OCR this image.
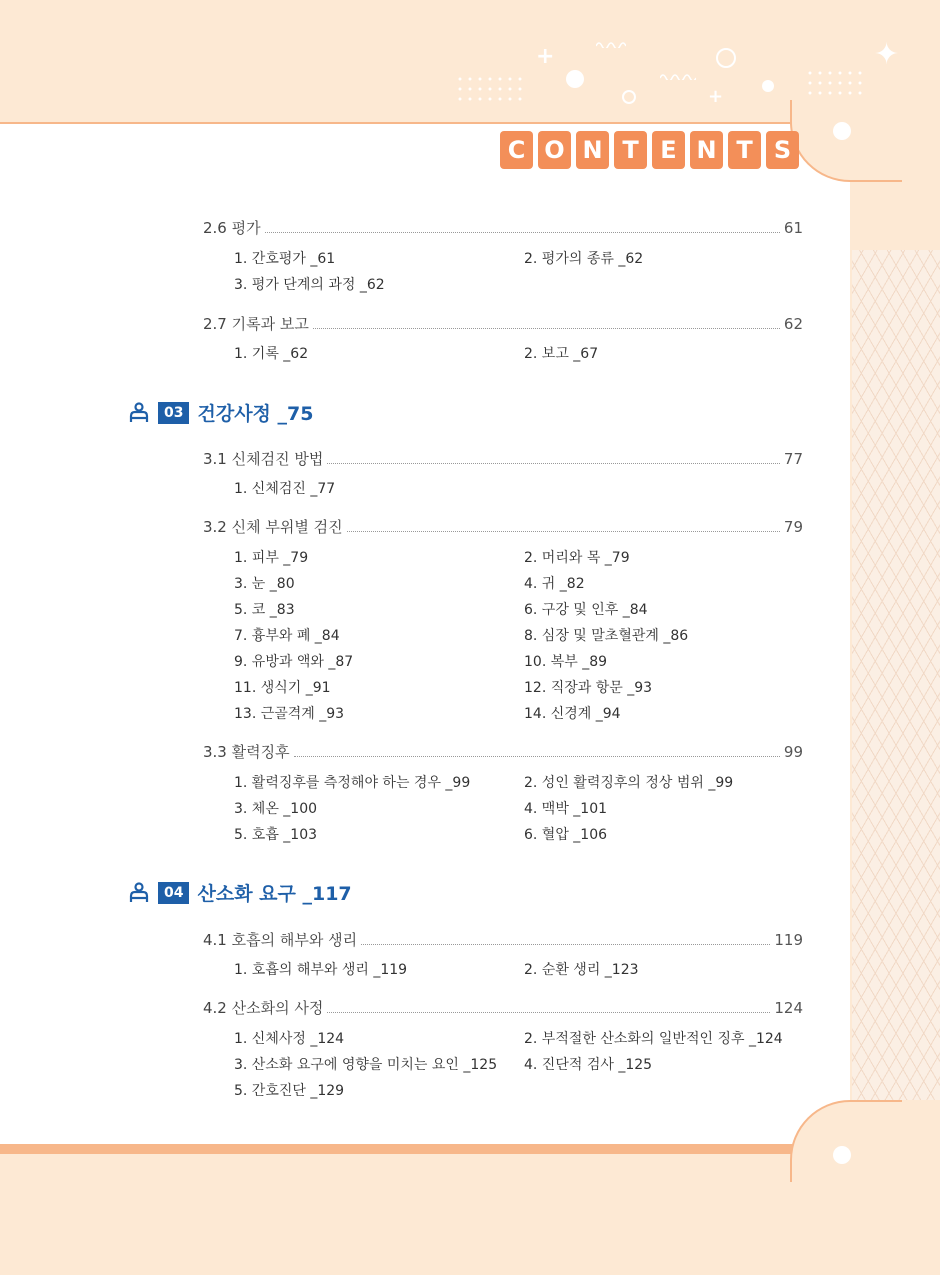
+
+
✦
C O N T E N T S
2.6 평가	61
1. 간호평가 _61	2. 평가의 종류 _62
3. 평가 단계의 과정 _62
2.7 기록과 보고	62
1. 기록 _62	2. 보고 _67
03 건강사정 _75
3.1 신체검진 방법	77
1. 신체검진 _77
3.2 신체 부위별 검진	79
1. 피부 _79	2. 머리와 목 _79
3. 눈 _80	4. 귀 _82
5. 코 _83	6. 구강 및 인후 _84
7. 흉부와 폐 _84	8. 심장 및 말초혈관계 _86
9. 유방과 액와 _87	10. 복부 _89
11. 생식기 _91	12. 직장과 항문 _93
13. 근골격계 _93	14. 신경계 _94
3.3 활력징후	99
1. 활력징후를 측정해야 하는 경우 _99	2. 성인 활력징후의 정상 범위 _99
3. 체온 _100	4. 맥박 _101
5. 호흡 _103	6. 혈압 _106
04 산소화 요구 _117
4.1 호흡의 해부와 생리	119
1. 호흡의 해부와 생리 _119	2. 순환 생리 _123
4.2 산소화의 사정	124
1. 신체사정 _124	2. 부적절한 산소화의 일반적인 징후 _124
3. 산소화 요구에 영향을 미치는 요인 _125 4. 진단적 검사 _125
5. 간호진단 _129
